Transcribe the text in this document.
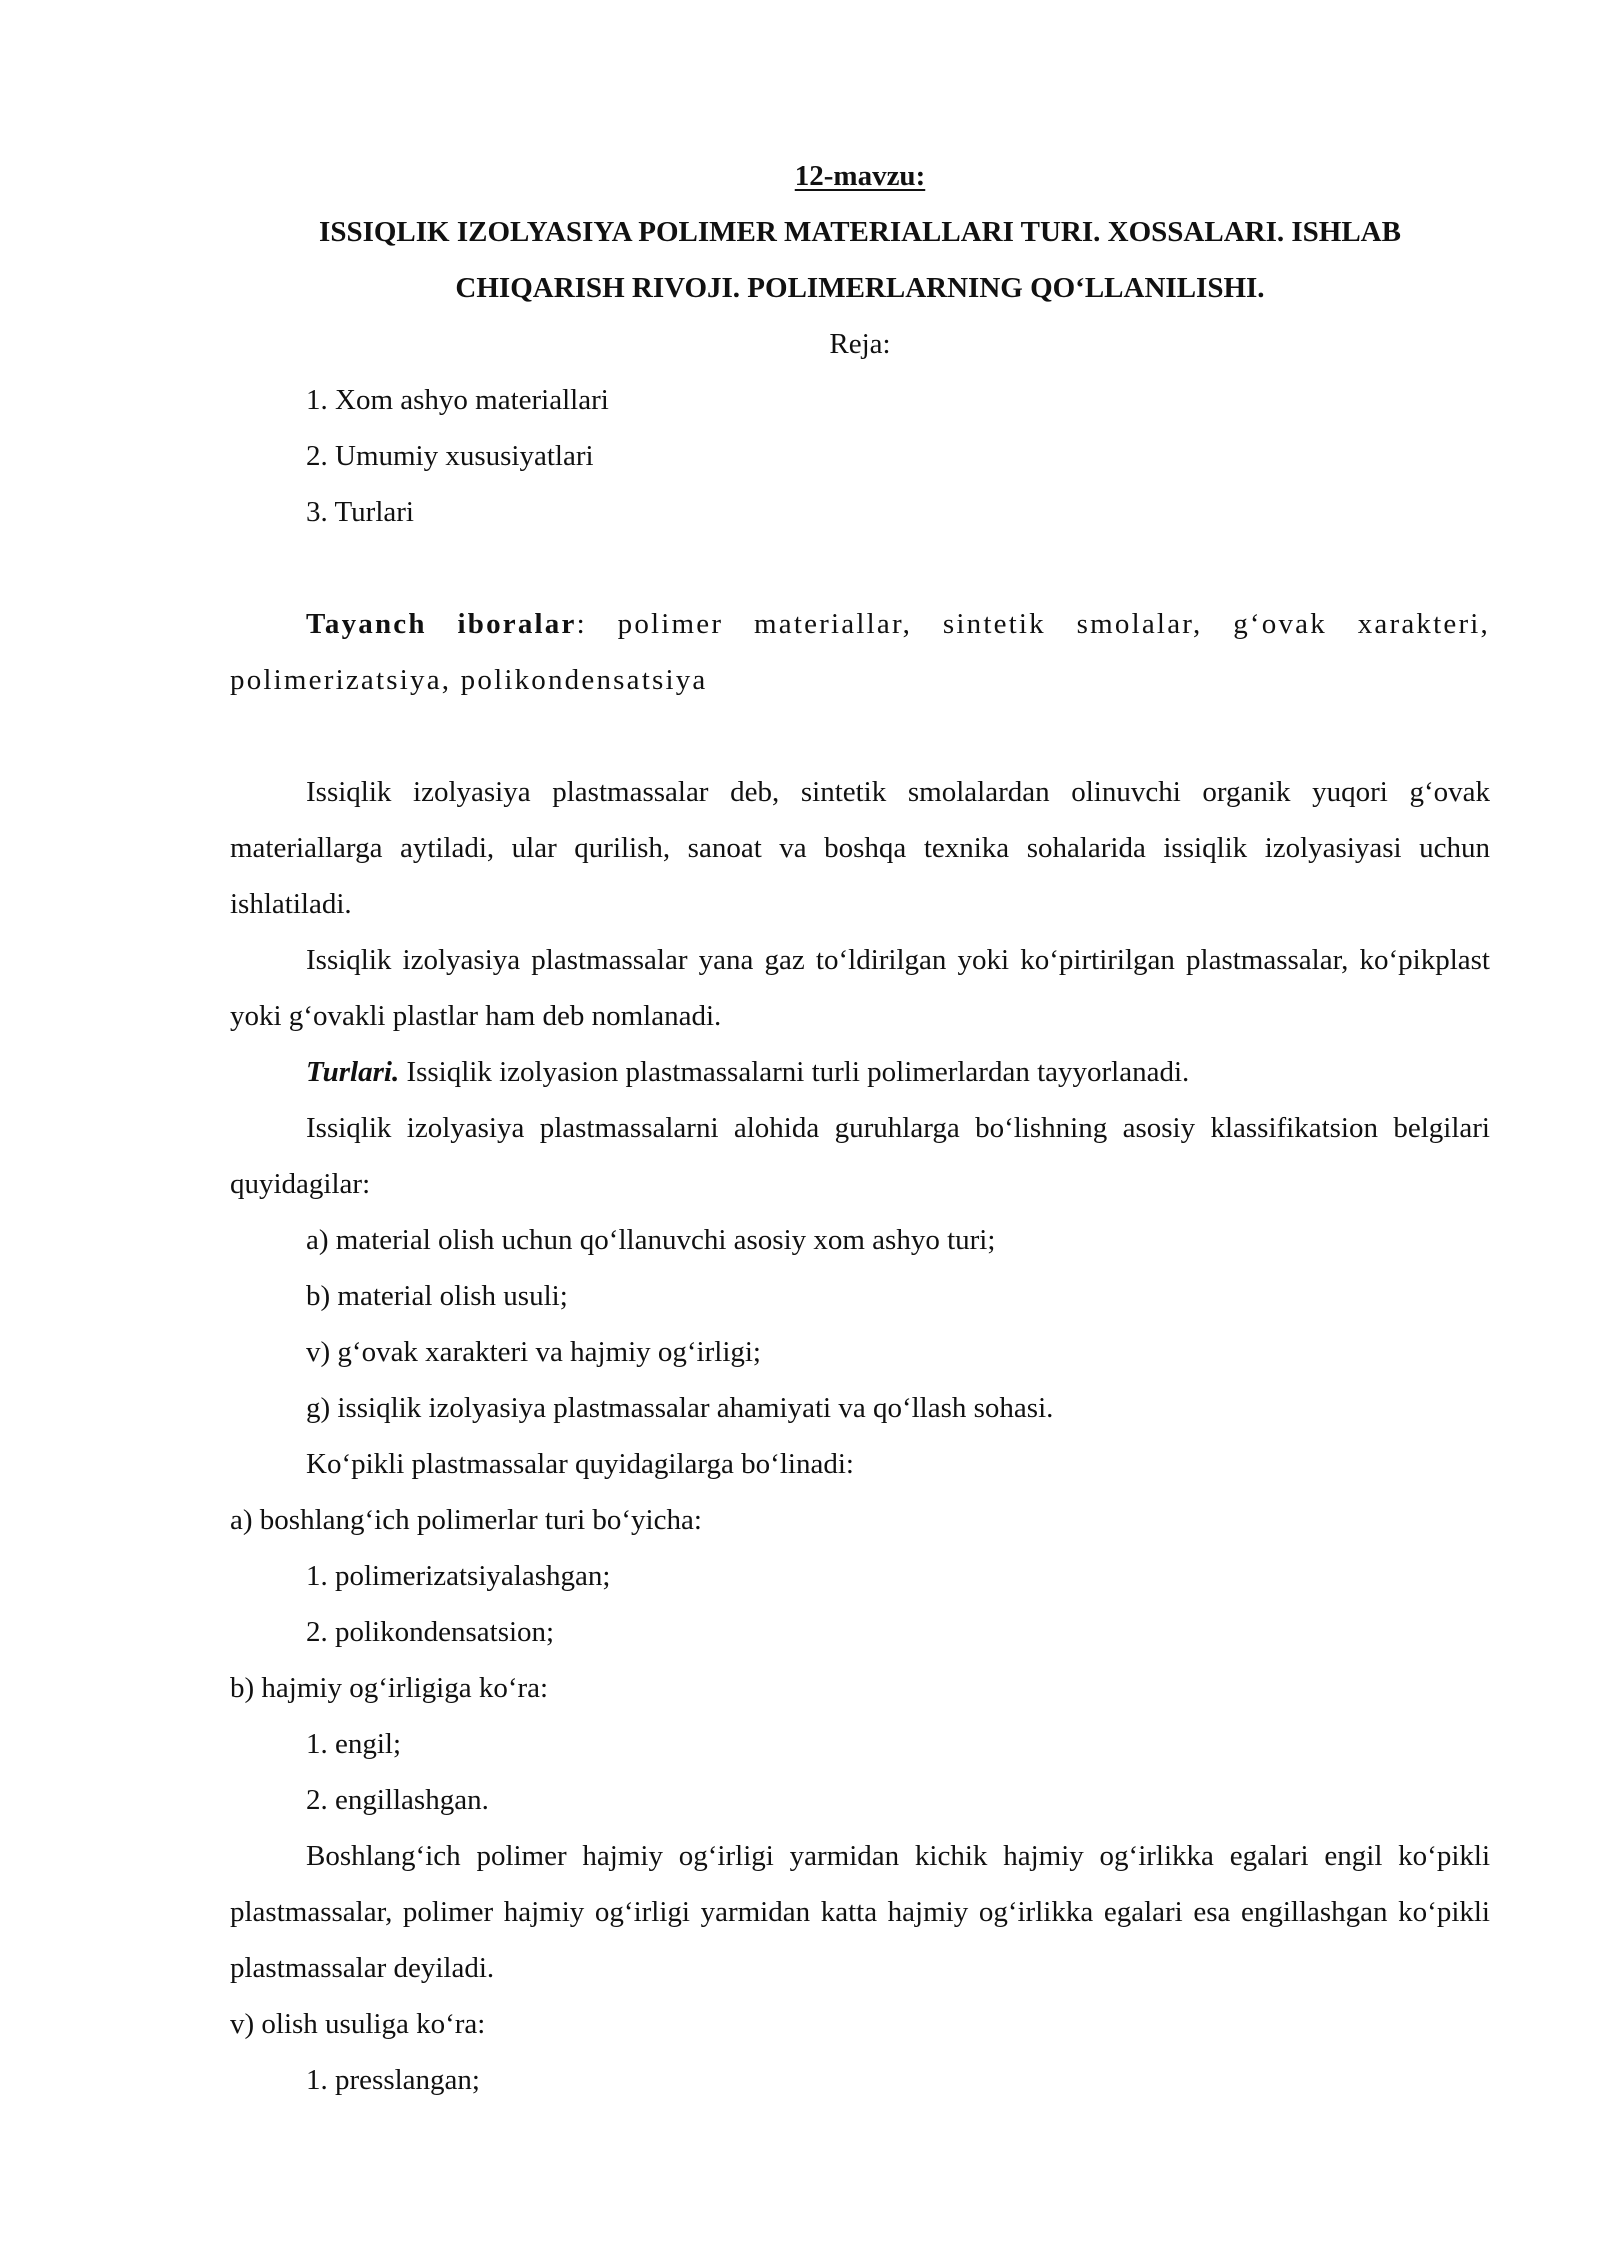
12-mavzu:
ISSIQLIK IZOLYASIYA POLIMER MATERIALLARI TURI. XOSSALARI. ISHLAB
CHIQARISH RIVOJI. POLIMERLARNING QO‘LLANILISHI.
Reja:
1. Xom ashyo materiallari
2. Umumiy xususiyatlari
3. Turlari
Tayanch iboralar: polimer materiallar, sintetik smolalar, g‘ovak xarakteri, polimerizatsiya, polikondensatsiya
Issiqlik izolyasiya plastmassalar deb, sintetik smolalardan olinuvchi organik yuqori g‘ovak materiallarga aytiladi, ular qurilish, sanoat va boshqa texnika sohalarida issiqlik izolyasiyasi uchun ishlatiladi.
Issiqlik izolyasiya plastmassalar yana gaz to‘ldirilgan yoki ko‘pirtirilgan plastmassalar, ko‘pikplast yoki g‘ovakli plastlar ham deb nomlanadi.
Turlari. Issiqlik izolyasion plastmassalarni turli polimerlardan tayyorlanadi.
Issiqlik izolyasiya plastmassalarni alohida guruhlarga bo‘lishning asosiy klassifikatsion belgilari quyidagilar:
a) material olish uchun qo‘llanuvchi asosiy xom ashyo turi;
b) material olish usuli;
v) g‘ovak xarakteri va hajmiy og‘irligi;
g) issiqlik izolyasiya plastmassalar ahamiyati va qo‘llash sohasi.
Ko‘pikli plastmassalar quyidagilarga bo‘linadi:
a) boshlang‘ich polimerlar turi bo‘yicha:
1. polimerizatsiyalashgan;
2. polikondensatsion;
b) hajmiy og‘irligiga ko‘ra:
1. engil;
2. engillashgan.
Boshlang‘ich polimer hajmiy og‘irligi yarmidan kichik hajmiy og‘irlikka egalari engil ko‘pikli plastmassalar, polimer hajmiy og‘irligi yarmidan katta hajmiy og‘irlikka egalari esa engillashgan ko‘pikli plastmassalar deyiladi.
v) olish usuliga ko‘ra:
1. presslangan;
